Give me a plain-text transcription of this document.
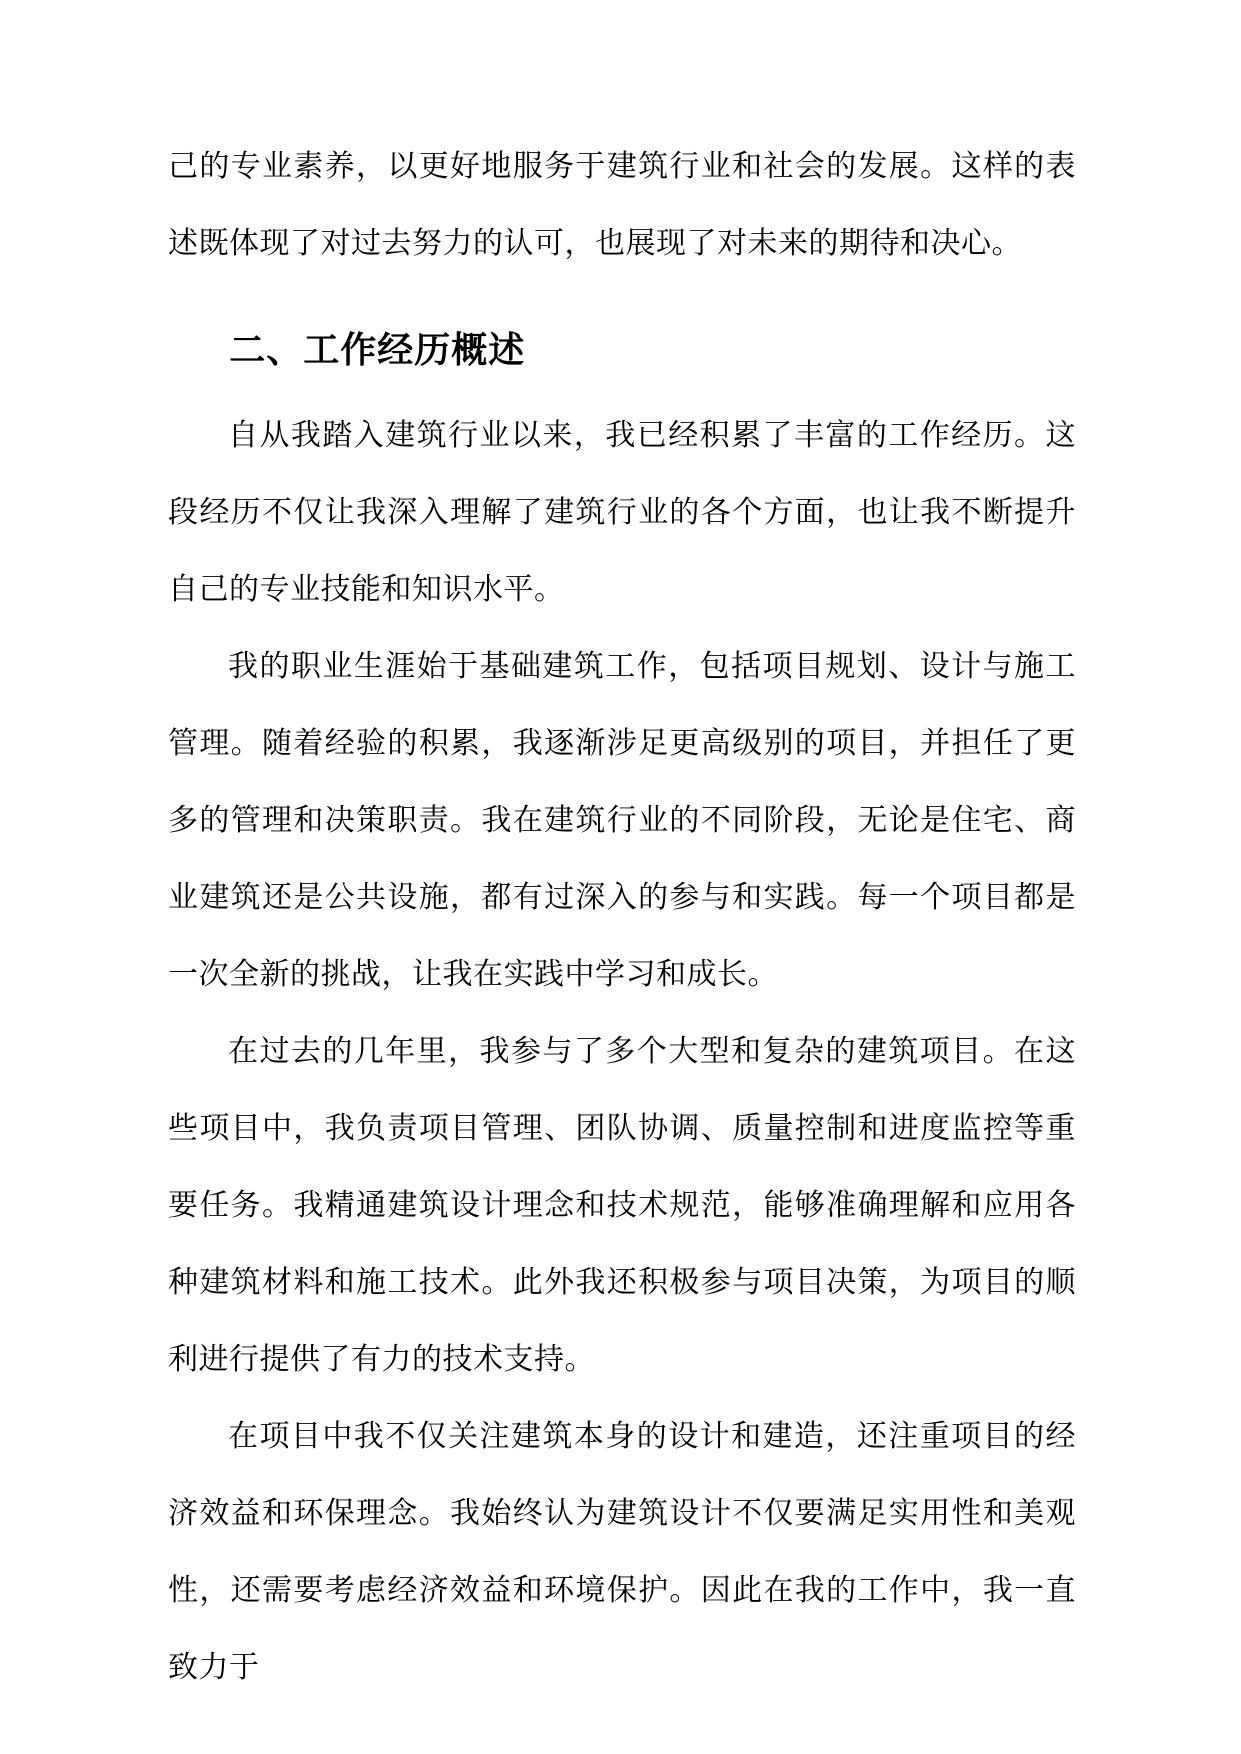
己的专业素养，以更好地服务于建筑行业和社会的发展。这样的表述既体现了对过去努力的认可，也展现了对未来的期待和决心。

二、工作经历概述

自从我踏入建筑行业以来，我已经积累了丰富的工作经历。这段经历不仅让我深入理解了建筑行业的各个方面，也让我不断提升自己的专业技能和知识水平。

我的职业生涯始于基础建筑工作，包括项目规划、设计与施工管理。随着经验的积累，我逐渐涉足更高级别的项目，并担任了更多的管理和决策职责。我在建筑行业的不同阶段，无论是住宅、商业建筑还是公共设施，都有过深入的参与和实践。每一个项目都是一次全新的挑战，让我在实践中学习和成长。

在过去的几年里，我参与了多个大型和复杂的建筑项目。在这些项目中，我负责项目管理、团队协调、质量控制和进度监控等重要任务。我精通建筑设计理念和技术规范，能够准确理解和应用各种建筑材料和施工技术。此外我还积极参与项目决策，为项目的顺利进行提供了有力的技术支持。

在项目中我不仅关注建筑本身的设计和建造，还注重项目的经济效益和环保理念。我始终认为建筑设计不仅要满足实用性和美观性，还需要考虑经济效益和环境保护。因此在我的工作中，我一直致力于
